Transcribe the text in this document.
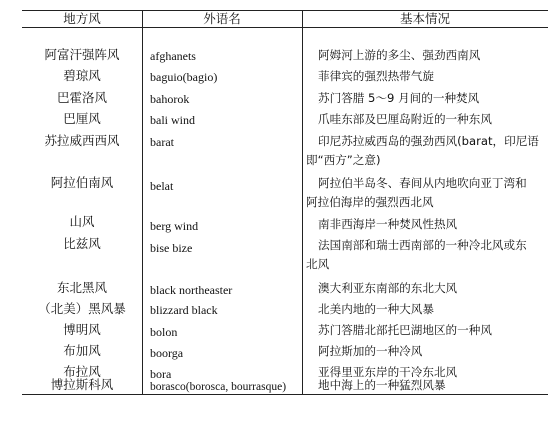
地方风	外语名	基本情况
阿富汗强阵风	afghanets	阿姆河上游的多尘、强劲西南风
碧琼风	baguio(bagio)	菲律宾的强烈热带气旋
巴霍洛风	bahorok	苏门答腊 5～9 月间的一种焚风
巴厘风	bali wind	爪哇东部及巴厘岛附近的一种东风
苏拉威西西风	barat	印尼苏拉威西岛的强劲西风(barat，印尼语
即“西方”之意)
阿拉伯南风	belat	阿拉伯半岛冬、春间从内地吹向亚丁湾和
阿拉伯海岸的强烈西北风
山风	berg wind	南非西海岸一种焚风性热风
比兹风	bise bize	法国南部和瑞士西南部的一种冷北风或东
北风
东北黑风	black northeaster	澳大利亚东南部的东北大风
（北美）黑风暴	blizzard black	北美内地的一种大风暴
博明风	bolon	苏门答腊北部托巴湖地区的一种风
布加风	boorga	阿拉斯加的一种冷风
布拉风	bora	亚得里亚东岸的干冷东北风
博拉斯科风	borasco(borosca, bourrasque)	地中海上的一种猛烈风暴
